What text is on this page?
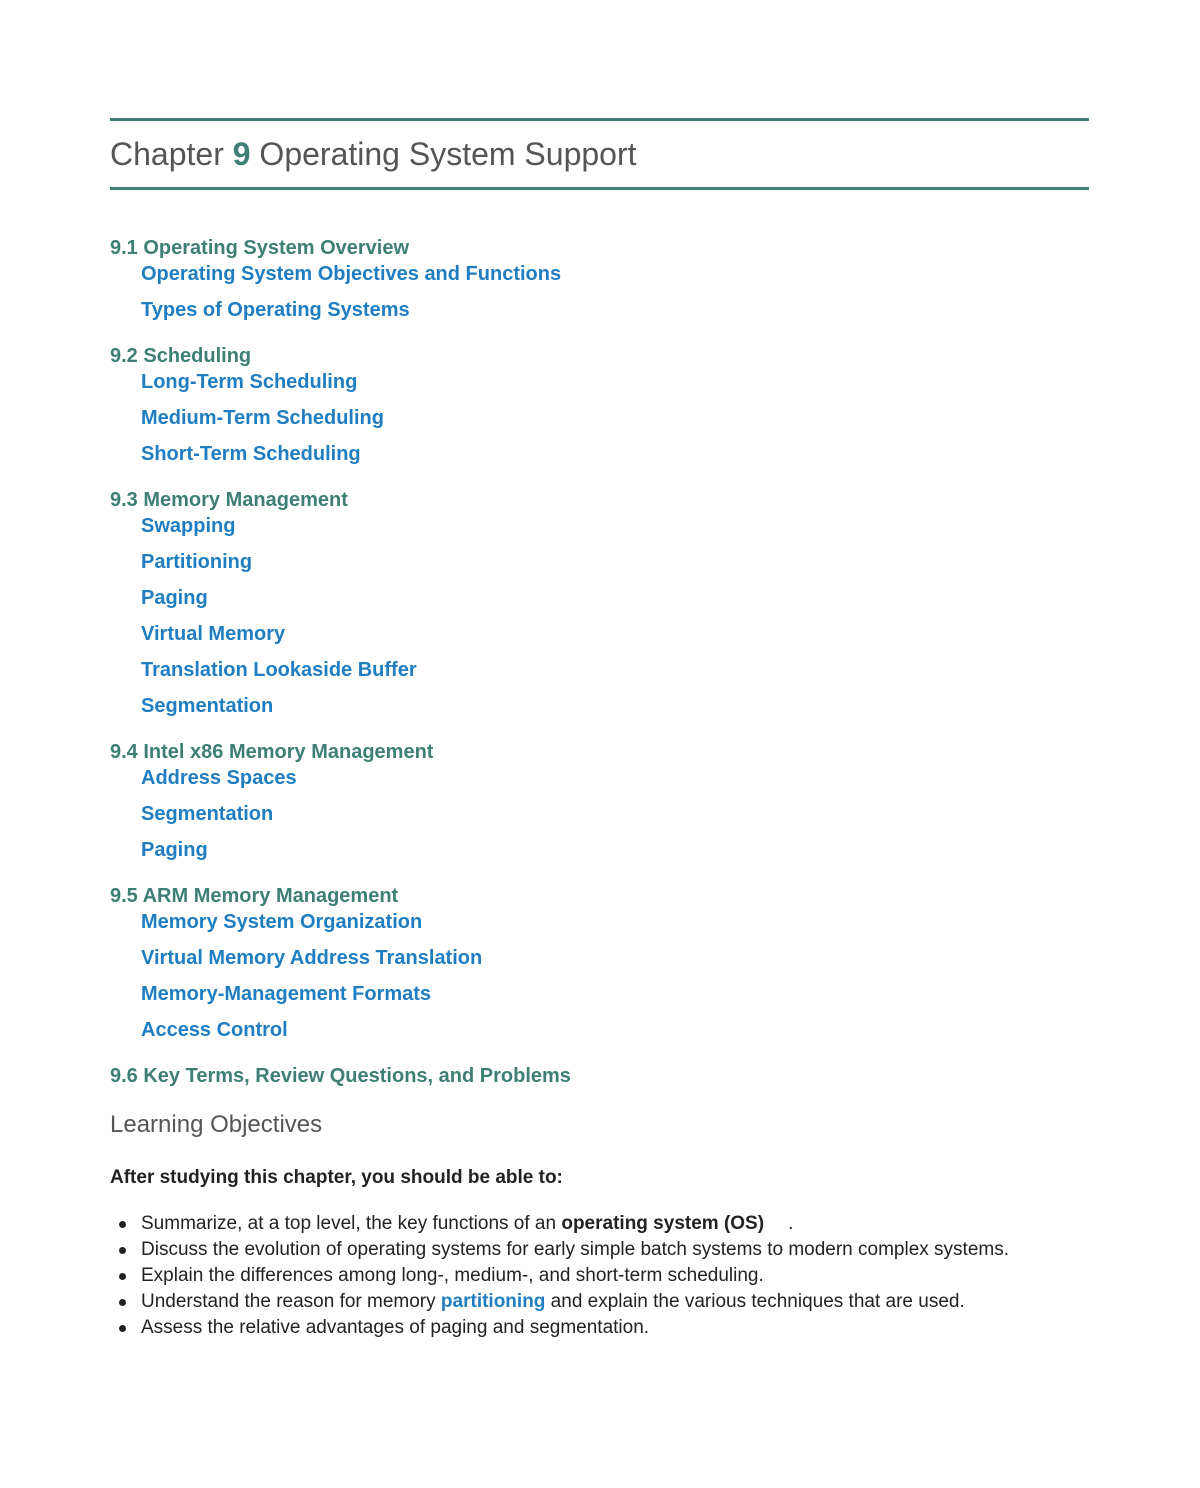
Chapter 9 Operating System Support
9.1 Operating System Overview
Operating System Objectives and Functions
Types of Operating Systems
9.2 Scheduling
Long-Term Scheduling
Medium-Term Scheduling
Short-Term Scheduling
9.3 Memory Management
Swapping
Partitioning
Paging
Virtual Memory
Translation Lookaside Buffer
Segmentation
9.4 Intel x86 Memory Management
Address Spaces
Segmentation
Paging
9.5 ARM Memory Management
Memory System Organization
Virtual Memory Address Translation
Memory-Management Formats
Access Control
9.6 Key Terms, Review Questions, and Problems
Learning Objectives

After studying this chapter, you should be able to:

Summarize, at a top level, the key functions of an operating system (OS) .
Discuss the evolution of operating systems for early simple batch systems to modern complex systems.
Explain the differences among long-, medium-, and short-term scheduling.
Understand the reason for memory partitioning and explain the various techniques that are used.
Assess the relative advantages of paging and segmentation.
